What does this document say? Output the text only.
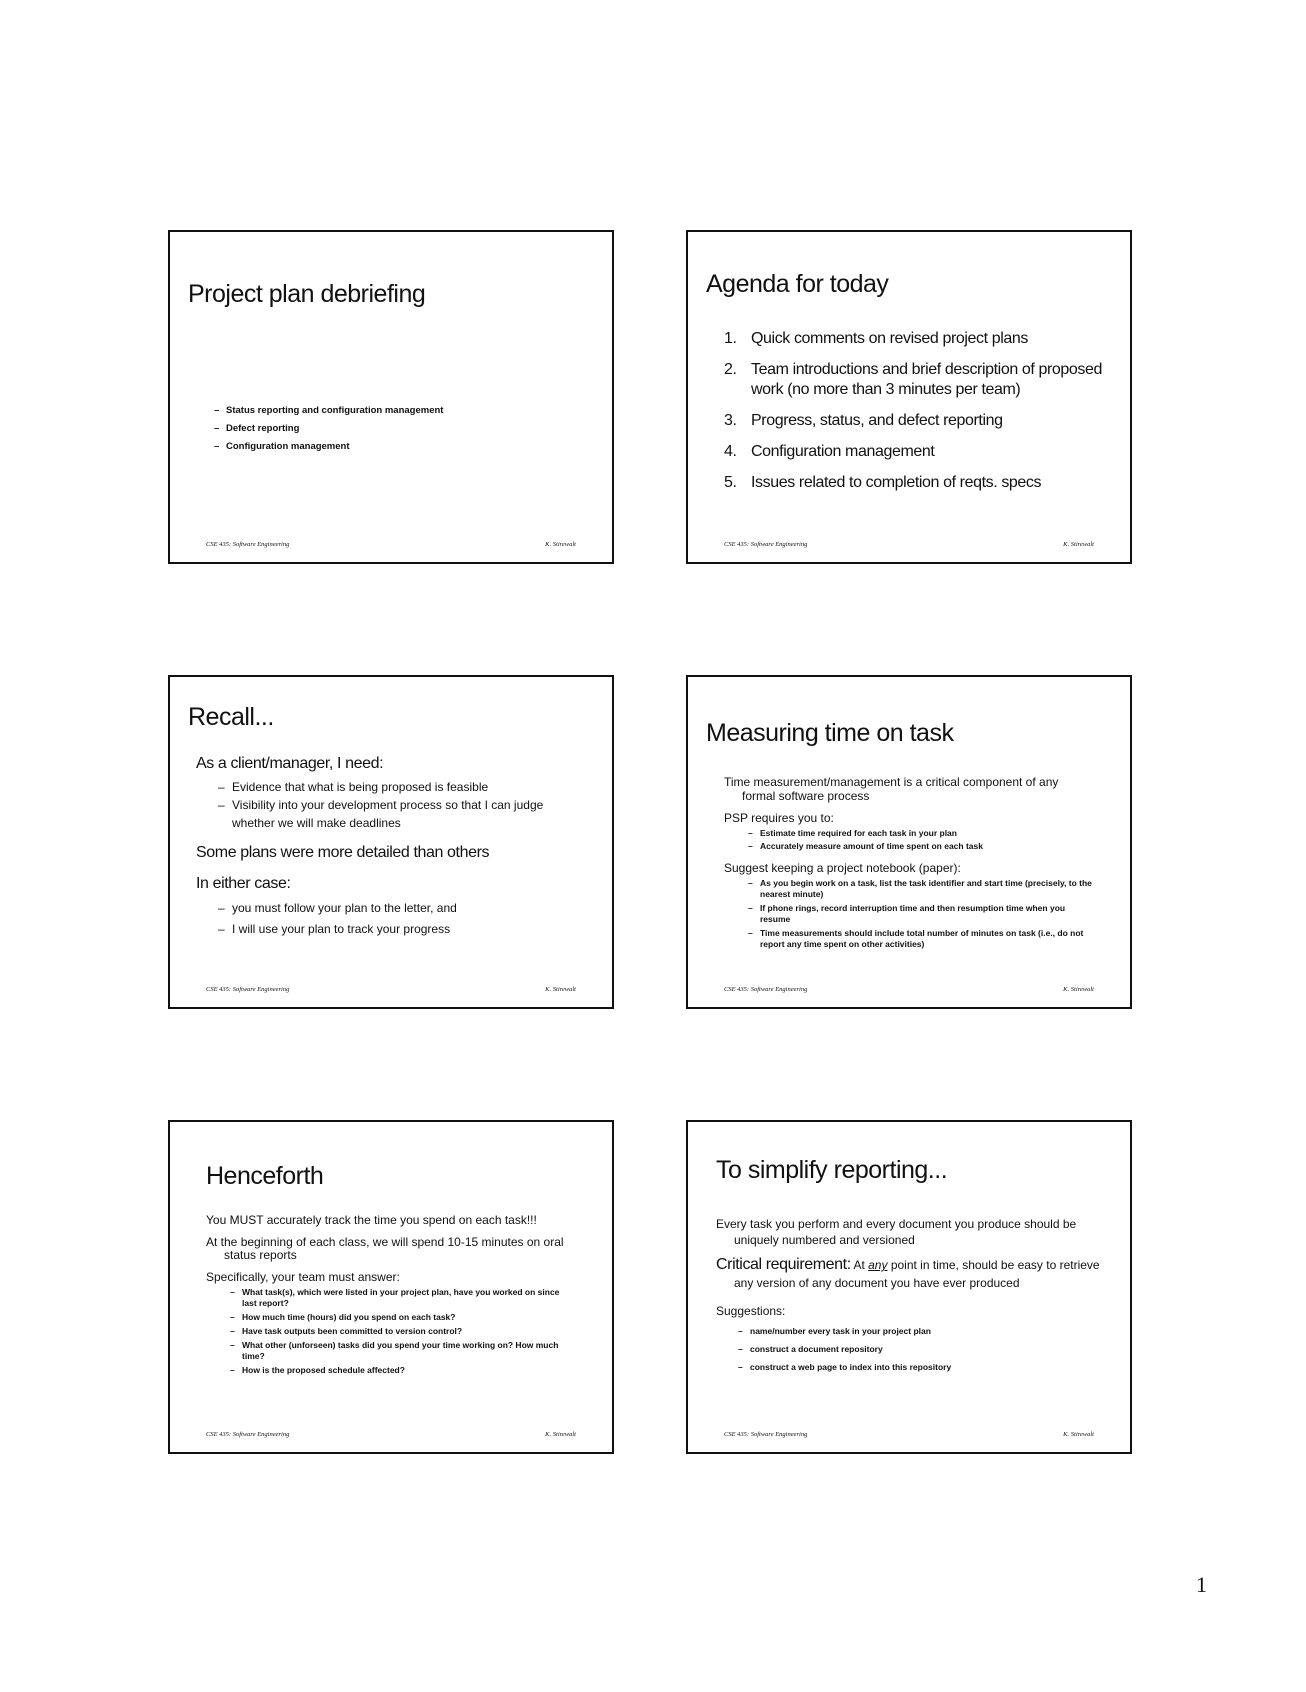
Project plan debriefing
– Status reporting and configuration management
– Defect reporting
– Configuration management
CSE 435: Software Engineering	K. Stirewalt
Agenda for today
1. Quick comments on revised project plans
2. Team introductions and brief description of proposed work (no more than 3 minutes per team)
3. Progress, status, and defect reporting
4. Configuration management
5. Issues related to completion of reqts. specs
CSE 435: Software Engineering	K. Stirewalt
Recall...
As a client/manager, I need:
– Evidence that what is being proposed is feasible
– Visibility into your development process so that I can judge whether we will make deadlines
Some plans were more detailed than others
In either case:
– you must follow your plan to the letter, and
– I will use your plan to track your progress
CSE 435: Software Engineering	K. Stirewalt
Measuring time on task
Time measurement/management is a critical component of any formal software process
PSP requires you to:
– Estimate time required for each task in your plan
– Accurately measure amount of time spent on each task
Suggest keeping a project notebook (paper):
– As you begin work on a task, list the task identifier and start time (precisely, to the nearest minute)
– If phone rings, record interruption time and then resumption time when you resume
– Time measurements should include total number of minutes on task (i.e., do not report any time spent on other activities)
CSE 435: Software Engineering	K. Stirewalt
Henceforth
You MUST accurately track the time you spend on each task!!!
At the beginning of each class, we will spend 10-15 minutes on oral status reports
Specifically, your team must answer:
– What task(s), which were listed in your project plan, have you worked on since last report?
– How much time (hours) did you spend on each task?
– Have task outputs been committed to version control?
– What other (unforseen) tasks did you spend your time working on? How much time?
– How is the proposed schedule affected?
CSE 435: Software Engineering	K. Stirewalt
To simplify reporting...
Every task you perform and every document you produce should be uniquely numbered and versioned
Critical requirement: At any point in time, should be easy to retrieve any version of any document you have ever produced
Suggestions:
– name/number every task in your project plan
– construct a document repository
– construct a web page to index into this repository
CSE 435: Software Engineering	K. Stirewalt
1
